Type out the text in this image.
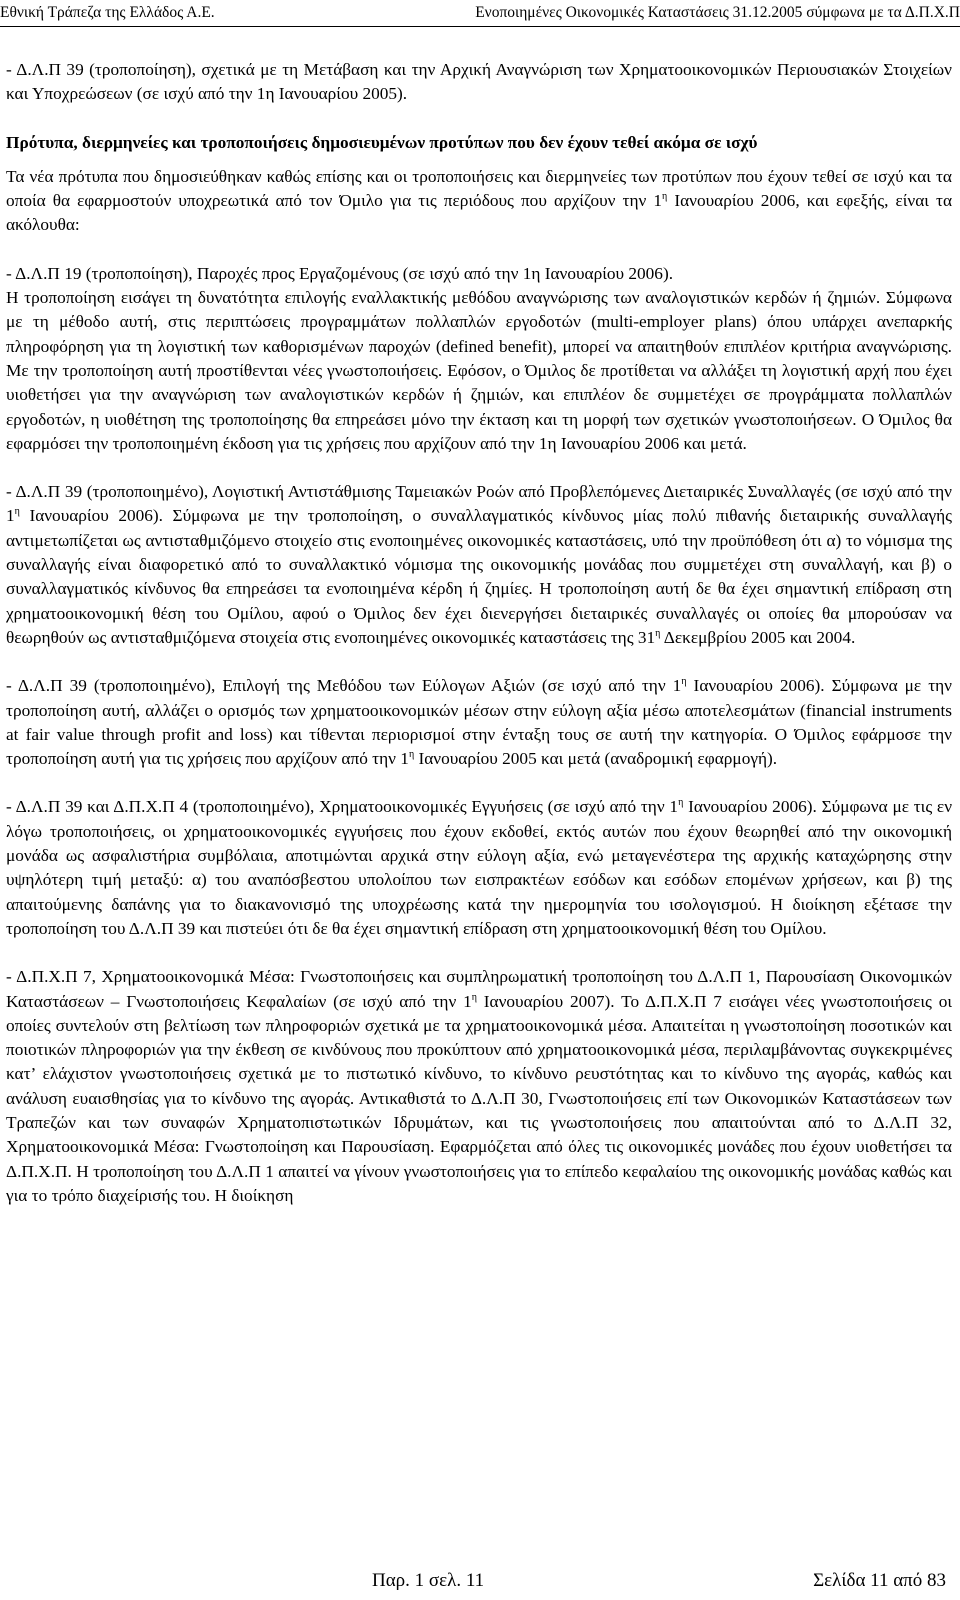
Εθνική Τράπεζα της Ελλάδος Α.Ε.	Ενοποιημένες Οικονομικές Καταστάσεις 31.12.2005 σύμφωνα με τα Δ.Π.Χ.Π

- Δ.Λ.Π 39 (τροποποίηση), σχετικά με τη Μετάβαση και την Αρχική Αναγνώριση των Χρηματοοικονομικών Περιουσιακών Στοιχείων και Υποχρεώσεων (σε ισχύ από την 1η Ιανουαρίου 2005).

Πρότυπα, διερμηνείες και τροποποιήσεις δημοσιευμένων προτύπων που δεν έχουν τεθεί ακόμα σε ισχύ

Τα νέα πρότυπα που δημοσιεύθηκαν καθώς επίσης και οι τροποποιήσεις και διερμηνείες των προτύπων που έχουν τεθεί σε ισχύ και τα οποία θα εφαρμοστούν υποχρεωτικά από τον Όμιλο για τις περιόδους που αρχίζουν την $1^\eta$ Ιανουαρίου 2006, και εφεξής, είναι τα ακόλουθα:

- Δ.Λ.Π 19 (τροποποίηση), Παροχές προς Εργαζομένους (σε ισχύ από την 1η Ιανουαρίου 2006).

Η τροποποίηση εισάγει τη δυνατότητα επιλογής εναλλακτικής μεθόδου αναγνώρισης των αναλογιστικών κερδών ή ζημιών. Σύμφωνα με τη μέθοδο αυτή, στις περιπτώσεις προγραμμάτων πολλαπλών εργοδοτών (multi-employer plans) όπου υπάρχει ανεπαρκής πληροφόρηση για τη λογιστική των καθορισμένων παροχών (defined benefit), μπορεί να απαιτηθούν επιπλέον κριτήρια αναγνώρισης. Με την τροποποίηση αυτή προστίθενται νέες γνωστοποιήσεις. Εφόσον, ο Όμιλος δε προτίθεται να αλλάξει τη λογιστική αρχή που έχει υιοθετήσει για την αναγνώριση των αναλογιστικών κερδών ή ζημιών, και επιπλέον δε συμμετέχει σε προγράμματα πολλαπλών εργοδοτών, η υιοθέτηση της τροποποίησης θα επηρεάσει μόνο την έκταση και τη μορφή των σχετικών γνωστοποιήσεων. Ο Όμιλος θα εφαρμόσει την τροποποιημένη έκδοση για τις χρήσεις που αρχίζουν από την 1η Ιανουαρίου 2006 και μετά.

- Δ.Λ.Π 39 (τροποποιημένο), Λογιστική Αντιστάθμισης Ταμειακών Ροών από Προβλεπόμενες Διεταιρικές Συναλλαγές (σε ισχύ από την $1^\eta$ Ιανουαρίου 2006). Σύμφωνα με την τροποποίηση, ο συναλλαγματικός κίνδυνος μίας πολύ πιθανής διεταιρικής συναλλαγής αντιμετωπίζεται ως αντισταθμιζόμενο στοιχείο στις ενοποιημένες οικονομικές καταστάσεις, υπό την προϋπόθεση ότι α) το νόμισμα της συναλλαγής είναι διαφορετικό από το συναλλακτικό νόμισμα της οικονομικής μονάδας που συμμετέχει στη συναλλαγή, και β) ο συναλλαγματικός κίνδυνος θα επηρεάσει τα ενοποιημένα κέρδη ή ζημίες. Η τροποποίηση αυτή δε θα έχει σημαντική επίδραση στη χρηματοοικονομική θέση του Ομίλου, αφού ο Όμιλος δεν έχει διενεργήσει διεταιρικές συναλλαγές οι οποίες θα μπορούσαν να θεωρηθούν ως αντισταθμιζόμενα στοιχεία στις ενοποιημένες οικονομικές καταστάσεις της $31^\eta$ Δεκεμβρίου 2005 και 2004.

- Δ.Λ.Π 39 (τροποποιημένο), Επιλογή της Μεθόδου των Εύλογων Αξιών (σε ισχύ από την $1^\eta$ Ιανουαρίου 2006). Σύμφωνα με την τροποποίηση αυτή, αλλάζει ο ορισμός των χρηματοοικονομικών μέσων στην εύλογη αξία μέσω αποτελεσμάτων (financial instruments at fair value through profit and loss) και τίθενται περιορισμοί στην ένταξη τους σε αυτή την κατηγορία. Ο Όμιλος εφάρμοσε την τροποποίηση αυτή για τις χρήσεις που αρχίζουν από την $1^\eta$ Ιανουαρίου 2005 και μετά (αναδρομική εφαρμογή).

- Δ.Λ.Π 39 και Δ.Π.Χ.Π 4 (τροποποιημένο), Χρηματοοικονομικές Εγγυήσεις (σε ισχύ από την $1^\eta$ Ιανουαρίου 2006). Σύμφωνα με τις εν λόγω τροποποιήσεις, οι χρηματοοικονομικές εγγυήσεις που έχουν εκδοθεί, εκτός αυτών που έχουν θεωρηθεί από την οικονομική μονάδα ως ασφαλιστήρια συμβόλαια, αποτιμώνται αρχικά στην εύλογη αξία, ενώ μεταγενέστερα της αρχικής καταχώρησης στην υψηλότερη τιμή μεταξύ: α) του αναπόσβεστου υπολοίπου των εισπρακτέων εσόδων και εσόδων επομένων χρήσεων, και β) της απαιτούμενης δαπάνης για το διακανονισμό της υποχρέωσης κατά την ημερομηνία του ισολογισμού. Η διοίκηση εξέτασε την τροποποίηση του Δ.Λ.Π 39 και πιστεύει ότι δε θα έχει σημαντική επίδραση στη χρηματοοικονομική θέση του Ομίλου.

- Δ.Π.Χ.Π 7, Χρηματοοικονομικά Μέσα: Γνωστοποιήσεις και συμπληρωματική τροποποίηση του Δ.Λ.Π 1, Παρουσίαση Οικονομικών Καταστάσεων – Γνωστοποιήσεις Κεφαλαίων (σε ισχύ από την $1^\eta$ Ιανουαρίου 2007). Το Δ.Π.Χ.Π 7 εισάγει νέες γνωστοποιήσεις οι οποίες συντελούν στη βελτίωση των πληροφοριών σχετικά με τα χρηματοοικονομικά μέσα. Απαιτείται η γνωστοποίηση ποσοτικών και ποιοτικών πληροφοριών για την έκθεση σε κινδύνους που προκύπτουν από χρηματοοικονομικά μέσα, περιλαμβάνοντας συγκεκριμένες κατ’ ελάχιστον γνωστοποιήσεις σχετικά με το πιστωτικό κίνδυνο, το κίνδυνο ρευστότητας και το κίνδυνο της αγοράς, καθώς και ανάλυση ευαισθησίας για το κίνδυνο της αγοράς. Αντικαθιστά το Δ.Λ.Π 30, Γνωστοποιήσεις επί των Οικονομικών Καταστάσεων των Τραπεζών και των συναφών Χρηματοπιστωτικών Ιδρυμάτων, και τις γνωστοποιήσεις που απαιτούνται από το Δ.Λ.Π 32, Χρηματοοικονομικά Μέσα: Γνωστοποίηση και Παρουσίαση. Εφαρμόζεται από όλες τις οικονομικές μονάδες που έχουν υιοθετήσει τα Δ.Π.Χ.Π. Η τροποποίηση του Δ.Λ.Π 1 απαιτεί να γίνουν γνωστοποιήσεις για το επίπεδο κεφαλαίου της οικονομικής μονάδας καθώς και για το τρόπο διαχείρισής του. Η διοίκηση

Παρ. 1 σελ. 11	Σελίδα 11 από 83
